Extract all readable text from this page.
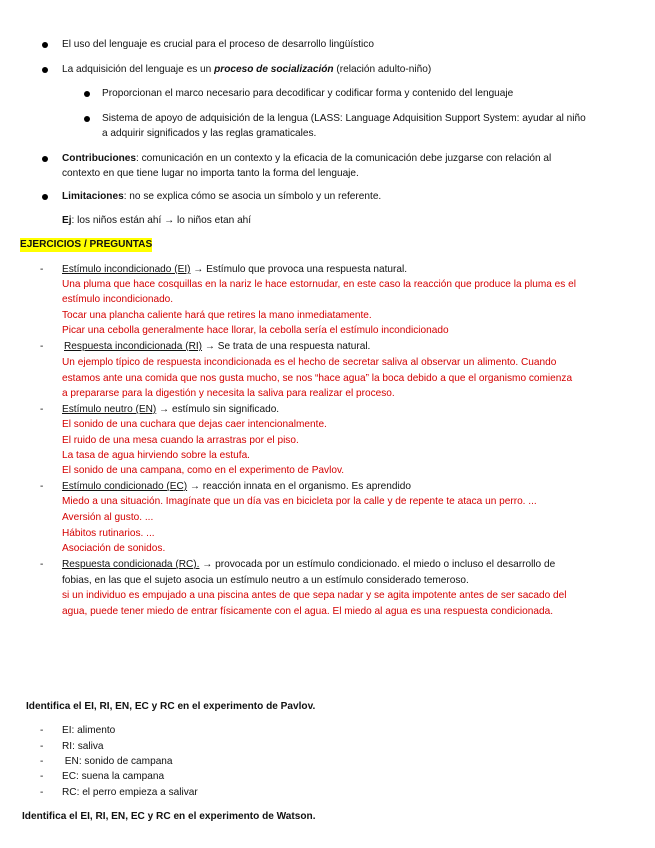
El uso del lenguaje es crucial para el proceso de desarrollo lingüístico
La adquisición del lenguaje es un proceso de socialización (relación adulto-niño)
Proporcionan el marco necesario para decodificar y codificar forma y contenido del lenguaje
Sistema de apoyo de adquisición de la lengua (LASS: Language Adquisition Support System: ayudar al niño
a adquirir significados y las reglas gramaticales.
Contribuciones: comunicación en un contexto y la eficacia de la comunicación debe juzgarse con relación al
contexto en que tiene lugar no importa tanto la forma del lenguaje.
Limitaciones: no se explica cómo se asocia un símbolo y un referente.
Ej: los niños están ahí → lo niños etan ahí
EJERCICIOS / PREGUNTAS
- Estímulo incondicionado (EI) → Estímulo que provoca una respuesta natural.
Una pluma que hace cosquillas en la nariz le hace estornudar, en este caso la reacción que produce la pluma es el
estímulo incondicionado.
Tocar una plancha caliente hará que retires la mano inmediatamente.
Picar una cebolla generalmente hace llorar, la cebolla sería el estímulo incondicionado
- Respuesta incondicionada (RI) → Se trata de una respuesta natural.
Un ejemplo típico de respuesta incondicionada es el hecho de secretar saliva al observar un alimento. Cuando
estamos ante una comida que nos gusta mucho, se nos “hace agua” la boca debido a que el organismo comienza
a prepararse para la digestión y necesita la saliva para realizar el proceso.
- Estímulo neutro (EN) → estímulo sin significado.
El sonido de una cuchara que dejas caer intencionalmente.
El ruido de una mesa cuando la arrastras por el piso.
La tasa de agua hirviendo sobre la estufa.
El sonido de una campana, como en el experimento de Pavlov.
- Estímulo condicionado (EC) → reacción innata en el organismo. Es aprendido
Miedo a una situación. Imagínate que un día vas en bicicleta por la calle y de repente te ataca un perro. ...
Aversión al gusto. ...
Hábitos rutinarios. ...
Asociación de sonidos.
- Respuesta condicionada (RC). → provocada por un estímulo condicionado. el miedo o incluso el desarrollo de
fobias, en las que el sujeto asocia un estímulo neutro a un estímulo considerado temeroso.
si un individuo es empujado a una piscina antes de que sepa nadar y se agita impotente antes de ser sacado del
agua, puede tener miedo de entrar físicamente con el agua. El miedo al agua es una respuesta condicionada.
Identifica el EI, RI, EN, EC y RC en el experimento de Pavlov.
- EI: alimento
- RI: saliva
- EN: sonido de campana
- EC: suena la campana
- RC: el perro empieza a salivar
Identifica el EI, RI, EN, EC y RC en el experimento de Watson.
